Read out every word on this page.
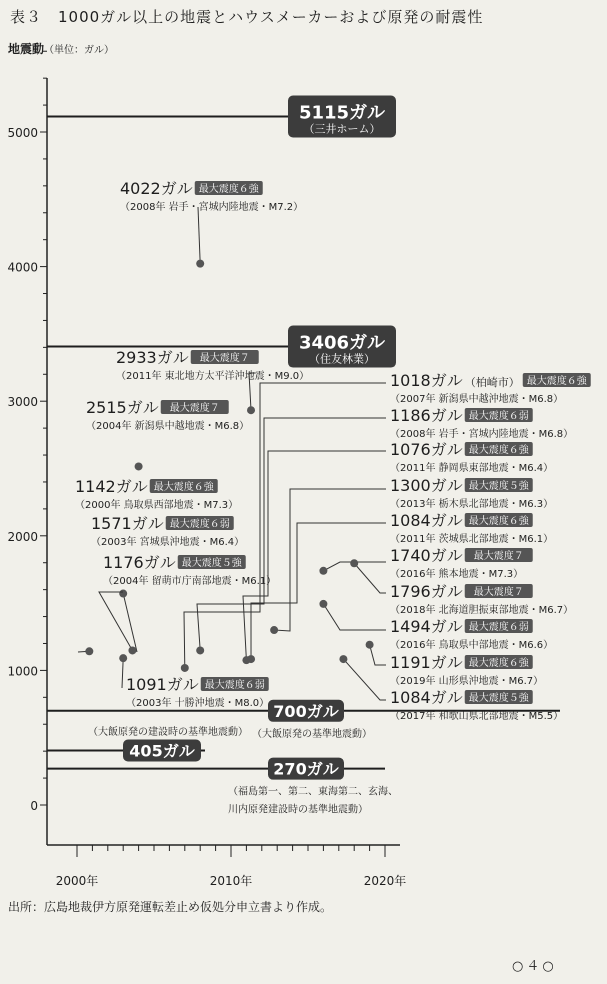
表３　1000ガル以上の地震とハウスメーカーおよび原発の耐震性
地震動（単位：ガル）
0
1000
2000
3000
4000
5000
2000年	2010年	2020年
5115ガル
（三井ホーム）
3406ガル
（住友林業）
700ガル
（大飯原発の基準地震動）
（大飯原発の建設時の基準地震動）
405ガル
270ガル
（福島第一、第二、東海第二、玄海、
川内原発建設時の基準地震動）
1142ガル 最大震度６強
（2000年 鳥取県西部地震・M7.3）
1571ガル 最大震度６弱
（2003年 宮城県沖地震・M6.4）
1176ガル 最大震度５強
（2004年 留萌市庁南部地震・M6.1）
2515ガル 最大震度７
（2004年 新潟県中越地震・M6.8）
1091ガル 最大震度６弱
（2003年 十勝沖地震・M8.0）
1018ガル （柏崎市） 最大震度６強
（2007年 新潟県中越沖地震・M6.8）
1186ガル 最大震度６弱
（2008年 岩手・宮城内陸地震・M6.8）
4022ガル 最大震度６強
（2008年 岩手・宮城内陸地震・M7.2）
1076ガル 最大震度６強
（2011年 静岡県東部地震・M6.4）
1084ガル 最大震度６強
（2011年 茨城県北部地震・M6.1）
2933ガル 最大震度７
（2011年 東北地方太平洋沖地震・M9.0）
1300ガル 最大震度５強
（2013年 栃木県北部地震・M6.3）
1740ガル 最大震度７
（2016年 熊本地震・M7.3）
1494ガル 最大震度６弱
（2016年 鳥取県中部地震・M6.6）
1084ガル 最大震度５強
（2017年 和歌山県北部地震・M5.5）
1796ガル 最大震度７
（2018年 北海道胆振東部地震・M6.7）
1191ガル 最大震度６強
（2019年 山形県沖地震・M6.7）
出所：広島地裁伊方原発運転差止め仮処分申立書より作成。
○４○
